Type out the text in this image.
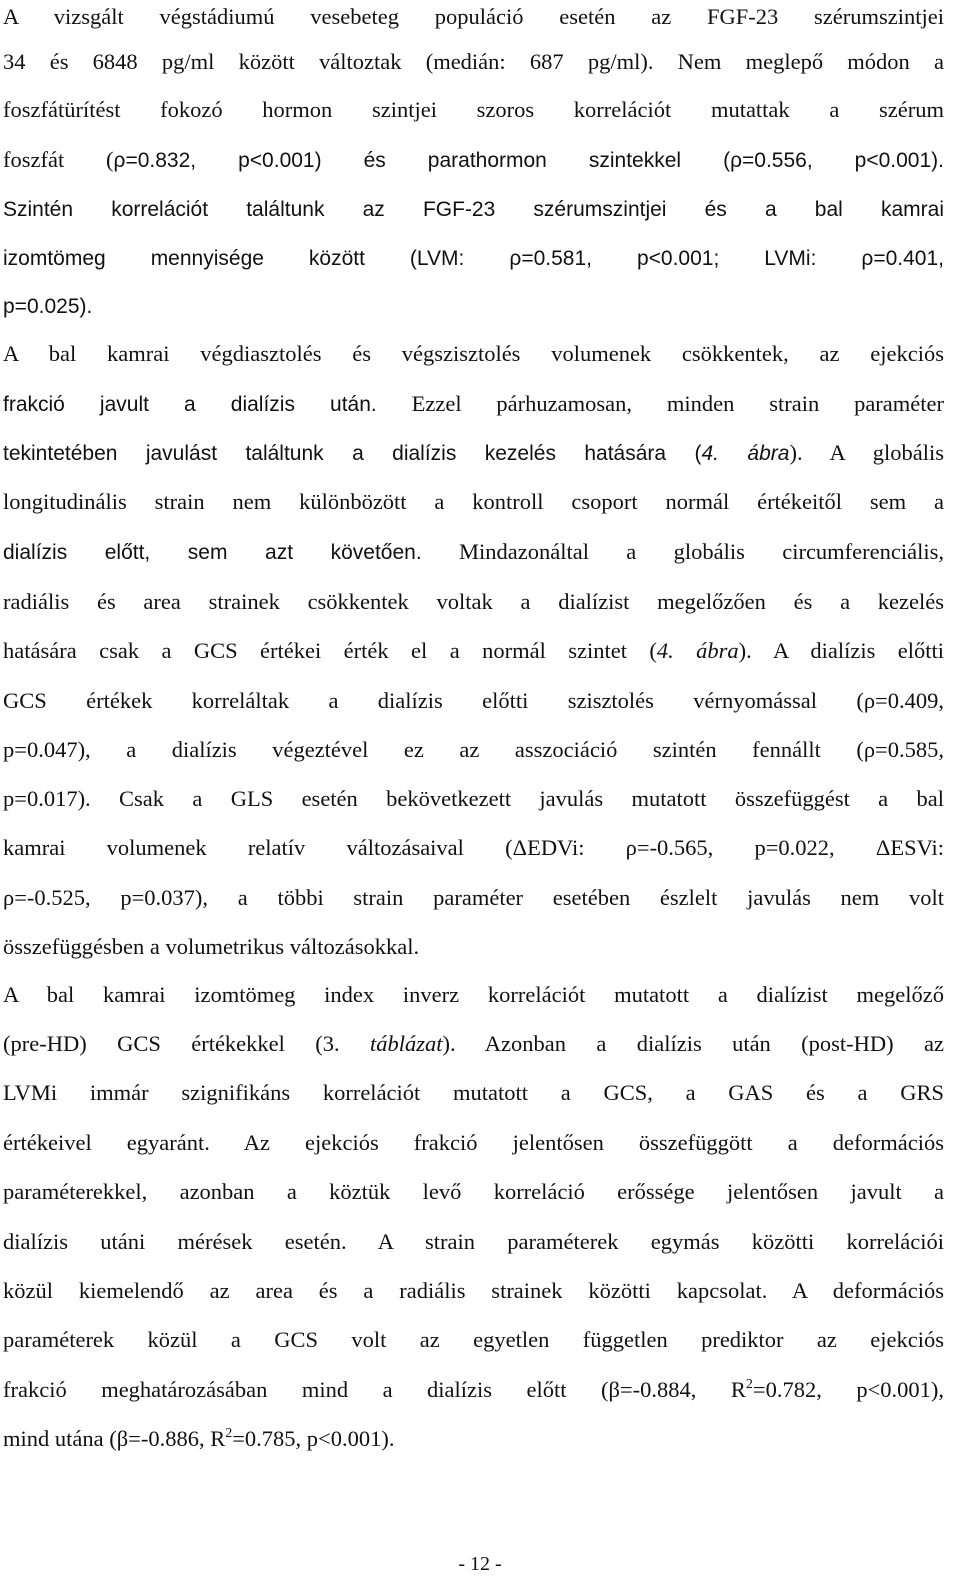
A vizsgált végstádiumú vesebeteg populáció esetén az FGF-23 szérumszintjei
34 és 6848 pg/ml között változtak (medián: 687 pg/ml). Nem meglepő módon a
foszfátürítést fokozó hormon szintjei szoros korrelációt mutattak a szérum
foszfát (ρ=0.832, p<0.001) és parathormon szintekkel (ρ=0.556, p<0.001).
Szintén korrelációt találtunk az FGF-23 szérumszintjei és a bal kamrai
izomtömeg mennyisége között (LVM: ρ=0.581, p<0.001; LVMi: ρ=0.401,
p=0.025).
A bal kamrai végdiasztolés és végszisztolés volumenek csökkentek, az ejekciós
frakció javult a dialízis után. Ezzel párhuzamosan, minden strain paraméter
tekintetében javulást találtunk a dialízis kezelés hatására (4. ábra). A globális
longitudinális strain nem különbözött a kontroll csoport normál értékeitől sem a
dialízis előtt, sem azt követően. Mindazonáltal a globális circumferenciális,
radiális és area strainek csökkentek voltak a dialízist megelőzően és a kezelés
hatására csak a GCS értékei érték el a normál szintet (4. ábra). A dialízis előtti
GCS értékek korreláltak a dialízis előtti szisztolés vérnyomással (ρ=0.409,
p=0.047), a dialízis végeztével ez az asszociáció szintén fennállt (ρ=0.585,
p=0.017). Csak a GLS esetén bekövetkezett javulás mutatott összefüggést a bal
kamrai volumenek relatív változásaival (ΔEDVi: ρ=-0.565, p=0.022, ΔESVi:
ρ=-0.525, p=0.037), a többi strain paraméter esetében észlelt javulás nem volt
összefüggésben a volumetrikus változásokkal.
A bal kamrai izomtömeg index inverz korrelációt mutatott a dialízist megelőző
(pre-HD) GCS értékekkel (3. táblázat). Azonban a dialízis után (post-HD) az
LVMi immár szignifikáns korrelációt mutatott a GCS, a GAS és a GRS
értékeivel egyaránt. Az ejekciós frakció jelentősen összefüggött a deformációs
paraméterekkel, azonban a köztük levő korreláció erőssége jelentősen javult a
dialízis utáni mérések esetén. A strain paraméterek egymás közötti korrelációi
közül kiemelendő az area és a radiális strainek közötti kapcsolat. A deformációs
paraméterek közül a GCS volt az egyetlen független prediktor az ejekciós
frakció meghatározásában mind a dialízis előtt (β=-0.884, $R^2=0.782$, p<0.001),
mind utána (β=-0.886, $R^2=0.785$, p<0.001).
- 12 -
